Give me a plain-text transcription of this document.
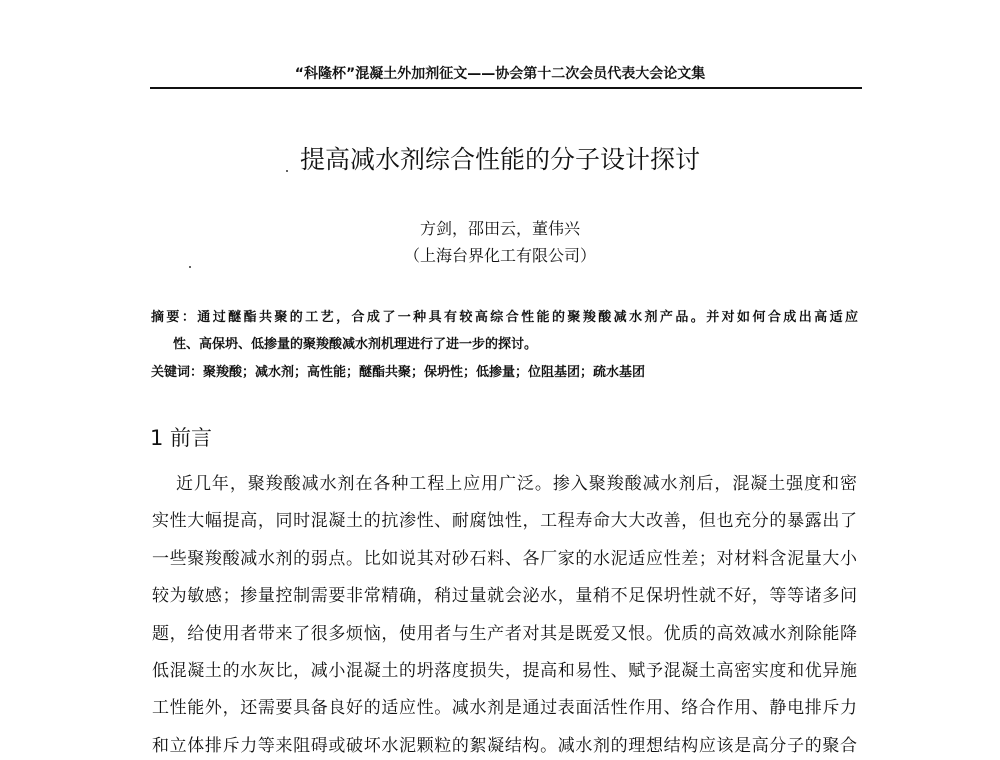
“科隆杯”混凝土外加剂征文——协会第十二次会员代表大会论文集
提高减水剂综合性能的分子设计探讨
方剑，邵田云，董伟兴
（上海台界化工有限公司）
摘要：通过醚酯共聚的工艺，合成了一种具有较高综合性能的聚羧酸减水剂产品。并对如何合成出高适应
性、高保坍、低掺量的聚羧酸减水剂机理进行了进一步的探讨。
关键词：聚羧酸；减水剂；高性能；醚酯共聚；保坍性；低掺量；位阻基团；疏水基团
1 前言
近几年，聚羧酸减水剂在各种工程上应用广泛。掺入聚羧酸减水剂后，混凝土强度和密
实性大幅提高，同时混凝土的抗渗性、耐腐蚀性，工程寿命大大改善，但也充分的暴露出了
一些聚羧酸减水剂的弱点。比如说其对砂石料、各厂家的水泥适应性差；对材料含泥量大小
较为敏感；掺量控制需要非常精确，稍过量就会泌水，量稍不足保坍性就不好，等等诸多问
题，给使用者带来了很多烦恼，使用者与生产者对其是既爱又恨。优质的高效减水剂除能降
低混凝土的水灰比，减小混凝土的坍落度损失，提高和易性、赋予混凝土高密实度和优异施
工性能外，还需要具备良好的适应性。减水剂是通过表面活性作用、络合作用、静电排斥力
和立体排斥力等来阻碍或破坏水泥颗粒的絮凝结构。减水剂的理想结构应该是高分子的聚合
